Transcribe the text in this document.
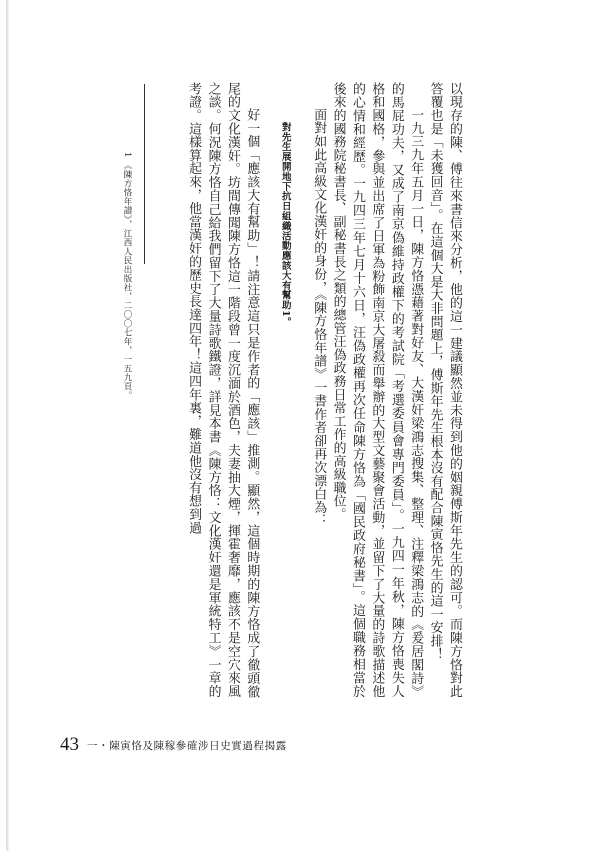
以現存的陳、傅往來書信來分析，他的這一建議顯然並未得到他的姻親傅斯年先生的認可。而陳方恪對此答覆也是「未獲回音」。在這個大是大非問題上，傅斯年先生根本沒有配合陳寅恪先生的這一安排！

一九三九年五月一日，陳方恪憑藉著對好友、大漢奸梁鴻志搜集、整理、注釋梁鴻志的《爰居閣詩》的馬屁功夫，又成了南京偽維持政權下的考試院「考選委員會專門委員」。一九四一年秋，陳方恪喪失人格和國格，參與並出席了日軍為粉飾南京大屠殺而舉辦的大型文藝聚會活動，並留下了大量的詩歌描述他的心情和經歷。一九四三年七月十六日，汪偽政權再次任命陳方恪為「國民政府秘書」。這個職務相當於後來的國務院秘書長、副秘書長之類的總管汪偽政務日常工作的高級職位。

面對如此高級文化漢奸的身份，《陳方恪年譜》一書作者卻再次漂白為：

對先生展開地下抗日組織活動應該大有幫助1。

好一個「應該大有幫助」！請注意這只是作者的「應該」推測。顯然，這個時期的陳方恪成了徹頭徹尾的文化漢奸。坊間傳聞陳方恪這一階段曾一度沉湎於酒色，夫妻抽大煙，揮霍奢靡，應該不是空穴來風之談。何況陳方恪自己給我們留下了大量詩歌鐵證，詳見本書《陳方恪：文化漢奸還是軍統特工》一章的考證。這樣算起來，他當漢奸的歷史長達四年！這四年裏，難道他沒有想到過

1 《陳方恪年譜》，江西人民出版社，二〇〇七年，一五九頁。
43 一・陳寅恪及陳稼參確涉日史實過程揭露
